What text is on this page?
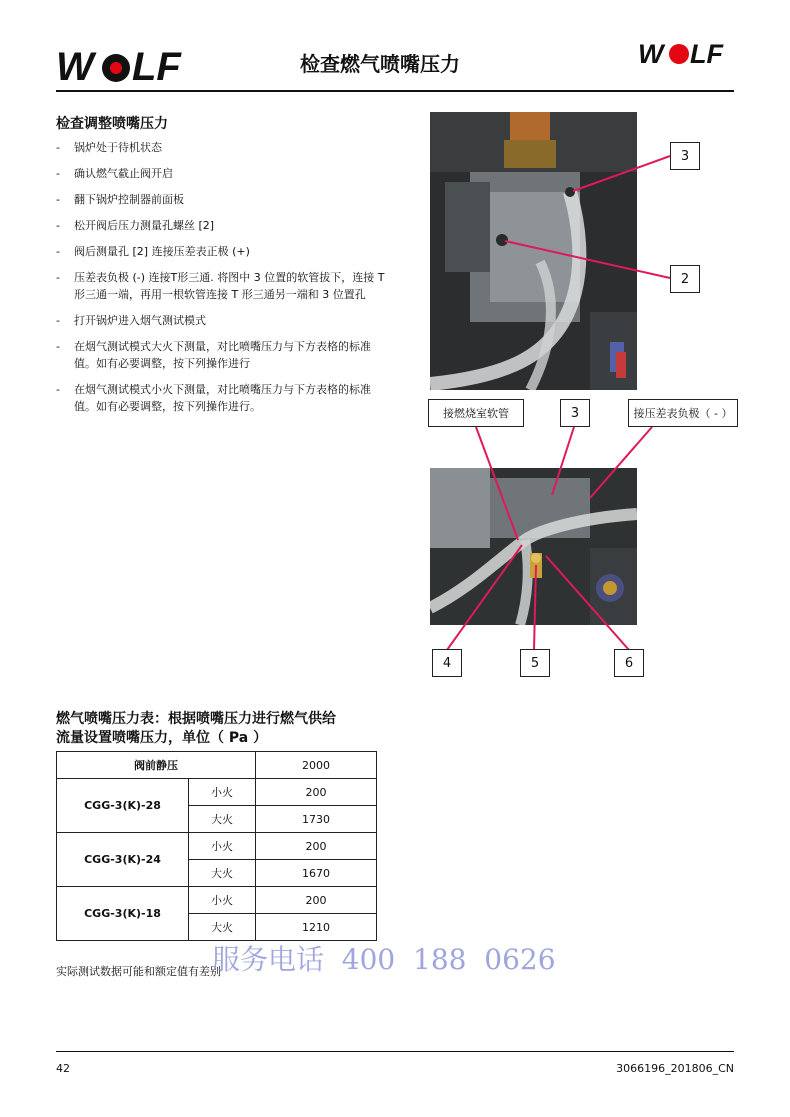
W LF	检查燃气喷嘴压力	W LF
检查调整喷嘴压力
- 锅炉处于待机状态
- 确认燃气截止阀开启
- 翻下锅炉控制器前面板
- 松开阀后压力测量孔螺丝 [2]
- 阀后测量孔 [2] 连接压差表正极 (+)
- 压差表负极 (-) 连接T形三通. 将图中 3 位置的软管拔下，连接 T 形三通一端，再用一根软管连接 T 形三通另一端和 3 位置孔
- 打开锅炉进入烟气测试模式
- 在烟气测试模式大火下测量，对比喷嘴压力与下方表格的标准值。如有必要调整，按下列操作进行
- 在烟气测试模式小火下测量，对比喷嘴压力与下方表格的标准值。如有必要调整，按下列操作进行。
3
2
接燃烧室软管	3	接压差表负极（ - ）
4	5	6
燃气喷嘴压力表：根据喷嘴压力进行燃气供给
流量设置喷嘴压力，单位（ Pa ）
阀前静压		2000
CGG-3(K)-28	小火	200
	大火	1730
CGG-3(K)-24	小火	200
	大火	1670
CGG-3(K)-18	小火	200
	大火	1210
实际测试数据可能和额定值有差别
服务电话  400  188  0626
42	3066196_201806_CN
